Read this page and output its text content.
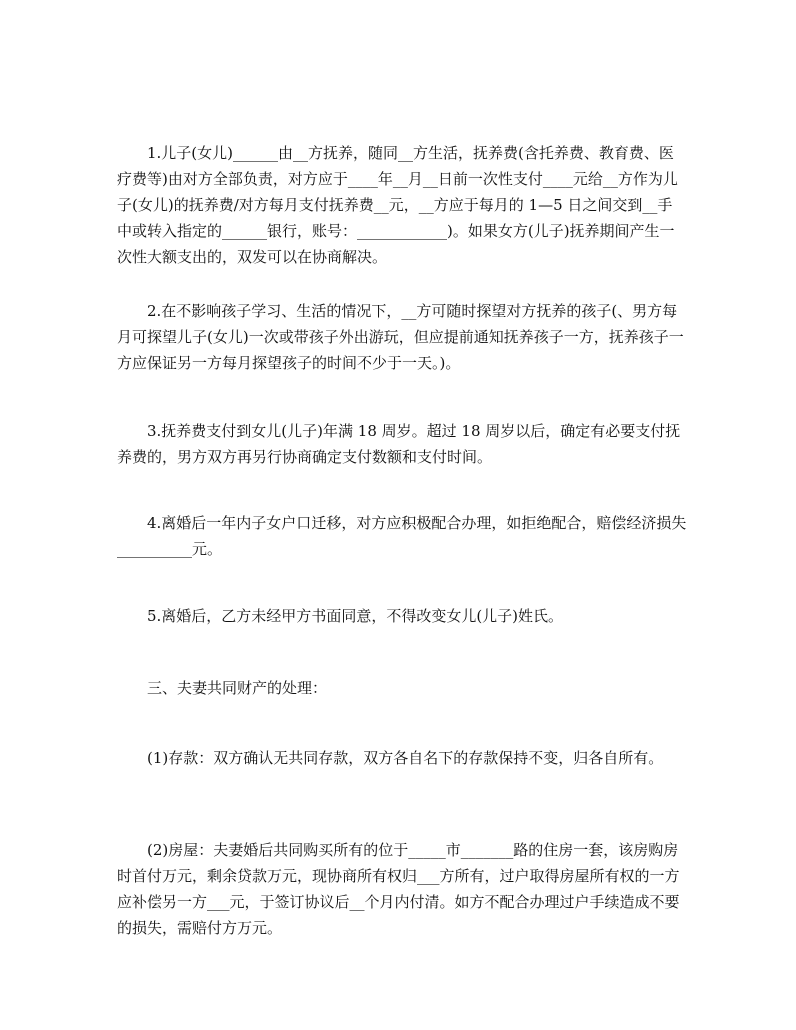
1.儿子(女儿)______由__方抚养，随同__方生活，抚养费(含托养费、教育费、医疗费等)由对方全部负责，对方应于____年__月__日前一次性支付____元给__方作为儿子(女儿)的抚养费/对方每月支付抚养费__元，__方应于每月的 1—5 日之间交到__手中或转入指定的______银行，账号：____________)。如果女方(儿子)抚养期间产生一次性大额支出的，双发可以在协商解决。

2.在不影响孩子学习、生活的情况下，__方可随时探望对方抚养的孩子(、男方每月可探望儿子(女儿)一次或带孩子外出游玩，但应提前通知抚养孩子一方，抚养孩子一方应保证另一方每月探望孩子的时间不少于一天。)。

3.抚养费支付到女儿(儿子)年满 18 周岁。超过 18 周岁以后，确定有必要支付抚养费的，男方双方再另行协商确定支付数额和支付时间。

4.离婚后一年内子女户口迁移，对方应积极配合办理，如拒绝配合，赔偿经济损失__________元。

5.离婚后，乙方未经甲方书面同意，不得改变女儿(儿子)姓氏。

三、夫妻共同财产的处理：

(1)存款：双方确认无共同存款，双方各自名下的存款保持不变，归各自所有。

(2)房屋：夫妻婚后共同购买所有的位于_____市_______路的住房一套，该房购房时首付万元，剩余贷款万元，现协商所有权归___方所有，过户取得房屋所有权的一方应补偿另一方___元，于签订协议后__个月内付清。如方不配合办理过户手续造成不要的损失，需赔付方万元。
